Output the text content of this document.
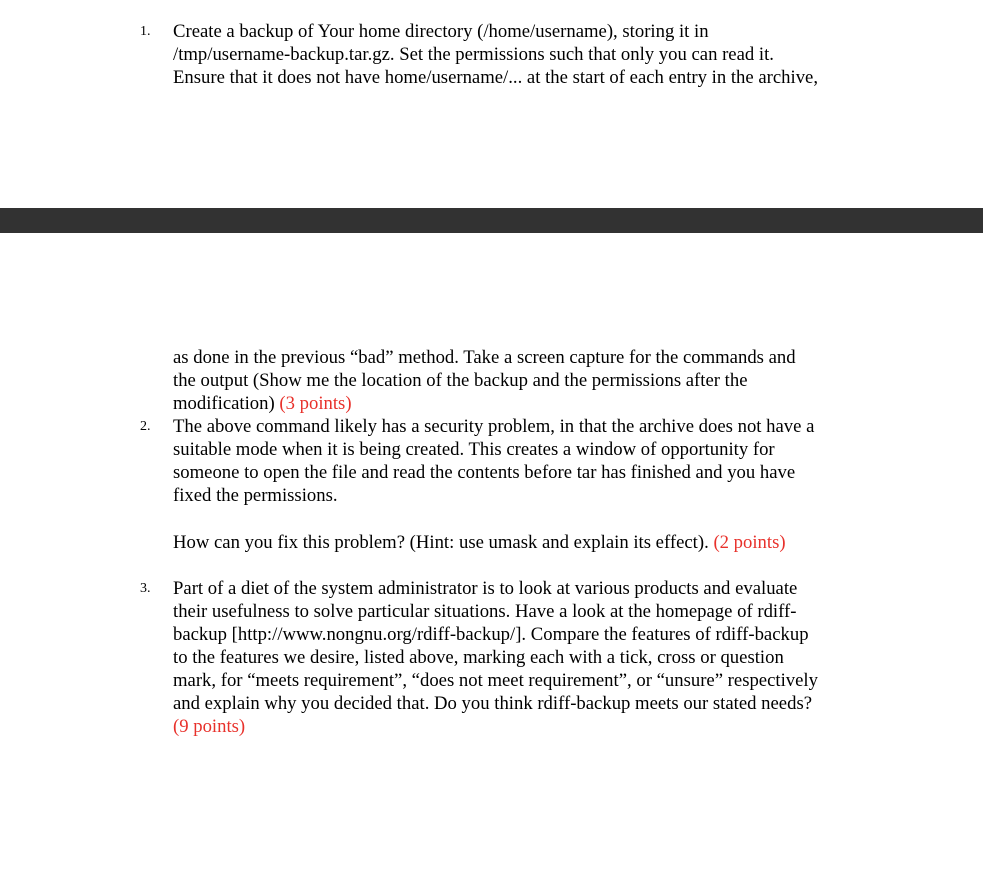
1. Create a backup of Your home directory (/home/username), storing it in
/tmp/username-backup.tar.gz. Set the permissions such that only you can read it.
Ensure that it does not have home/username/... at the start of each entry in the archive,
as done in the previous “bad” method. Take a screen capture for the commands and
the output (Show me the location of the backup and the permissions after the
modification) (3 points)
2. The above command likely has a security problem, in that the archive does not have a
suitable mode when it is being created. This creates a window of opportunity for
someone to open the file and read the contents before tar has finished and you have
fixed the permissions.
How can you fix this problem? (Hint: use umask and explain its effect). (2 points)
3. Part of a diet of the system administrator is to look at various products and evaluate
their usefulness to solve particular situations. Have a look at the homepage of rdiff-
backup [http://www.nongnu.org/rdiff-backup/]. Compare the features of rdiff-backup
to the features we desire, listed above, marking each with a tick, cross or question
mark, for “meets requirement”, “does not meet requirement”, or “unsure” respectively
and explain why you decided that. Do you think rdiff-backup meets our stated needs?
(9 points)
